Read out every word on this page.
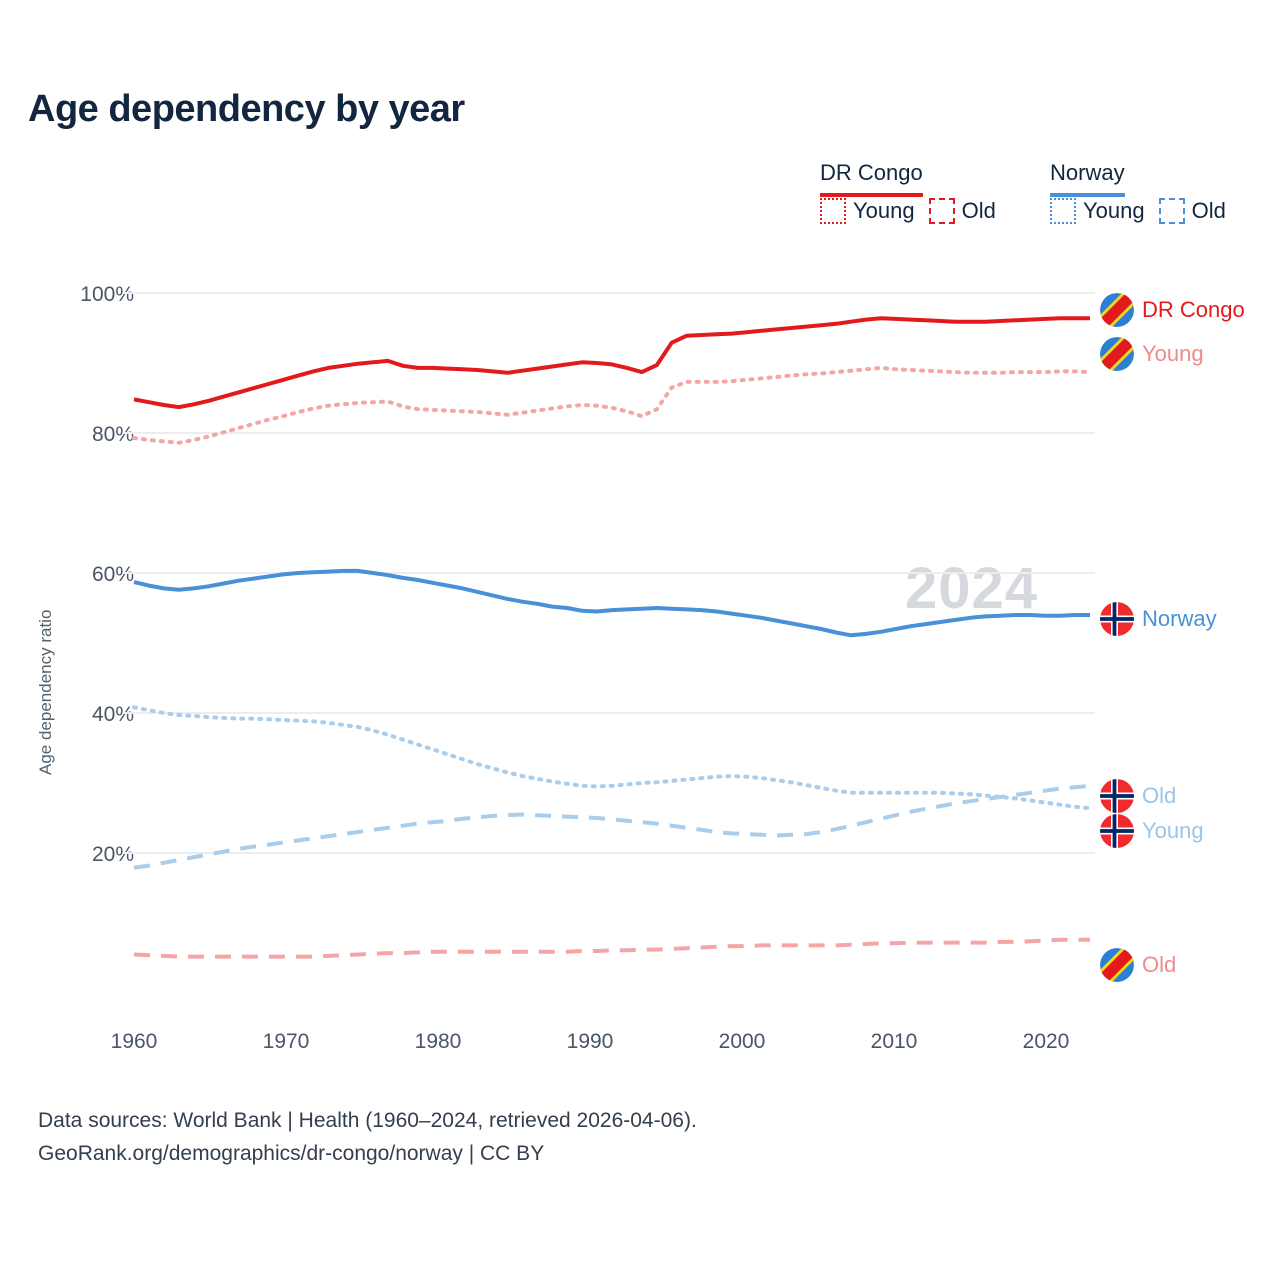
Age dependency by year
DR Congo
Young Old
Norway
Young Old
Age dependency ratio
100%
80%
60%
40%
20%
1960	1970	1980	1990	2000	2010	2020
2024
DR Congo
Young
Norway
Old
Young
Old
Data sources: World Bank | Health (1960–2024, retrieved 2026-04-06).
GeoRank.org/demographics/dr-congo/norway | CC BY
